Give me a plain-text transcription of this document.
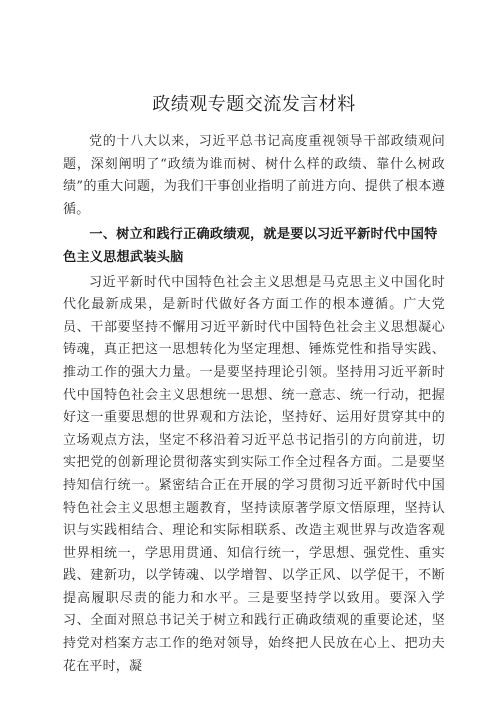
政绩观专题交流发言材料

党的十八大以来，习近平总书记高度重视领导干部政绩观问题，深刻阐明了“政绩为谁而树、树什么样的政绩、靠什么树政绩”的重大问题，为我们干事创业指明了前进方向、提供了根本遵循。

一、树立和践行正确政绩观，就是要以习近平新时代中国特色主义思想武装头脑

习近平新时代中国特色社会主义思想是马克思主义中国化时代化最新成果，是新时代做好各方面工作的根本遵循。广大党员、干部要坚持不懈用习近平新时代中国特色社会主义思想凝心铸魂，真正把这一思想转化为坚定理想、锤炼党性和指导实践、推动工作的强大力量。一是要坚持理论引领。坚持用习近平新时代中国特色社会主义思想统一思想、统一意志、统一行动，把握好这一重要思想的世界观和方法论，坚持好、运用好贯穿其中的立场观点方法，坚定不移沿着习近平总书记指引的方向前进，切实把党的创新理论贯彻落实到实际工作全过程各方面。二是要坚持知信行统一。紧密结合正在开展的学习贯彻习近平新时代中国特色社会主义思想主题教育，坚持读原著学原文悟原理，坚持认识与实践相结合、理论和实际相联系、改造主观世界与改造客观世界相统一，学思用贯通、知信行统一，学思想、强党性、重实践、建新功，以学铸魂、以学增智、以学正风、以学促干，不断提高履职尽责的能力和水平。三是要坚持学以致用。要深入学习、全面对照总书记关于树立和践行正确政绩观的重要论述，坚持党对档案方志工作的绝对领导，始终把人民放在心上、把功夫花在平时，凝
